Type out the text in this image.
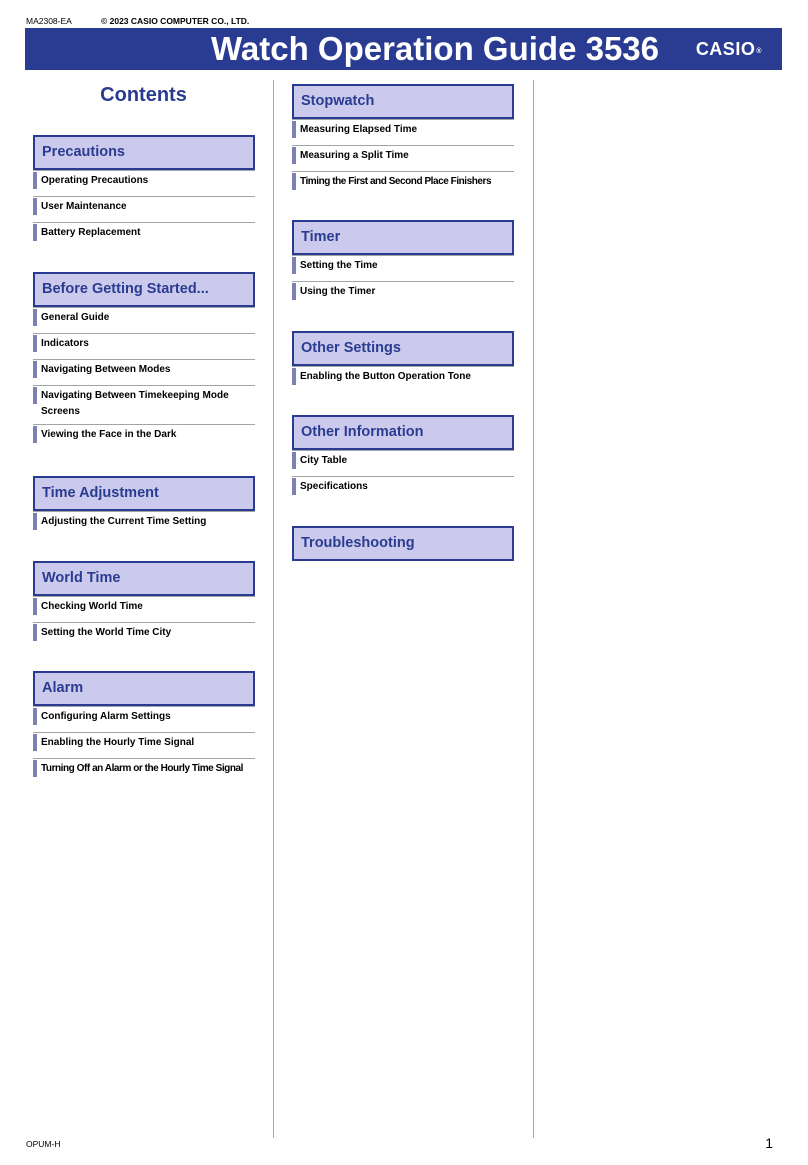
MA2308-EA	© 2023 CASIO COMPUTER CO., LTD.
Watch Operation Guide 3536 CASIO®
Contents
Precautions
Operating Precautions
User Maintenance
Battery Replacement
Before Getting Started...
General Guide
Indicators
Navigating Between Modes
Navigating Between Timekeeping Mode Screens
Viewing the Face in the Dark
Time Adjustment
Adjusting the Current Time Setting
World Time
Checking World Time
Setting the World Time City
Alarm
Configuring Alarm Settings
Enabling the Hourly Time Signal
Turning Off an Alarm or the Hourly Time Signal
Stopwatch
Measuring Elapsed Time
Measuring a Split Time
Timing the First and Second Place Finishers
Timer
Setting the Time
Using the Timer
Other Settings
Enabling the Button Operation Tone
Other Information
City Table
Specifications
Troubleshooting
OPUM-H	1
